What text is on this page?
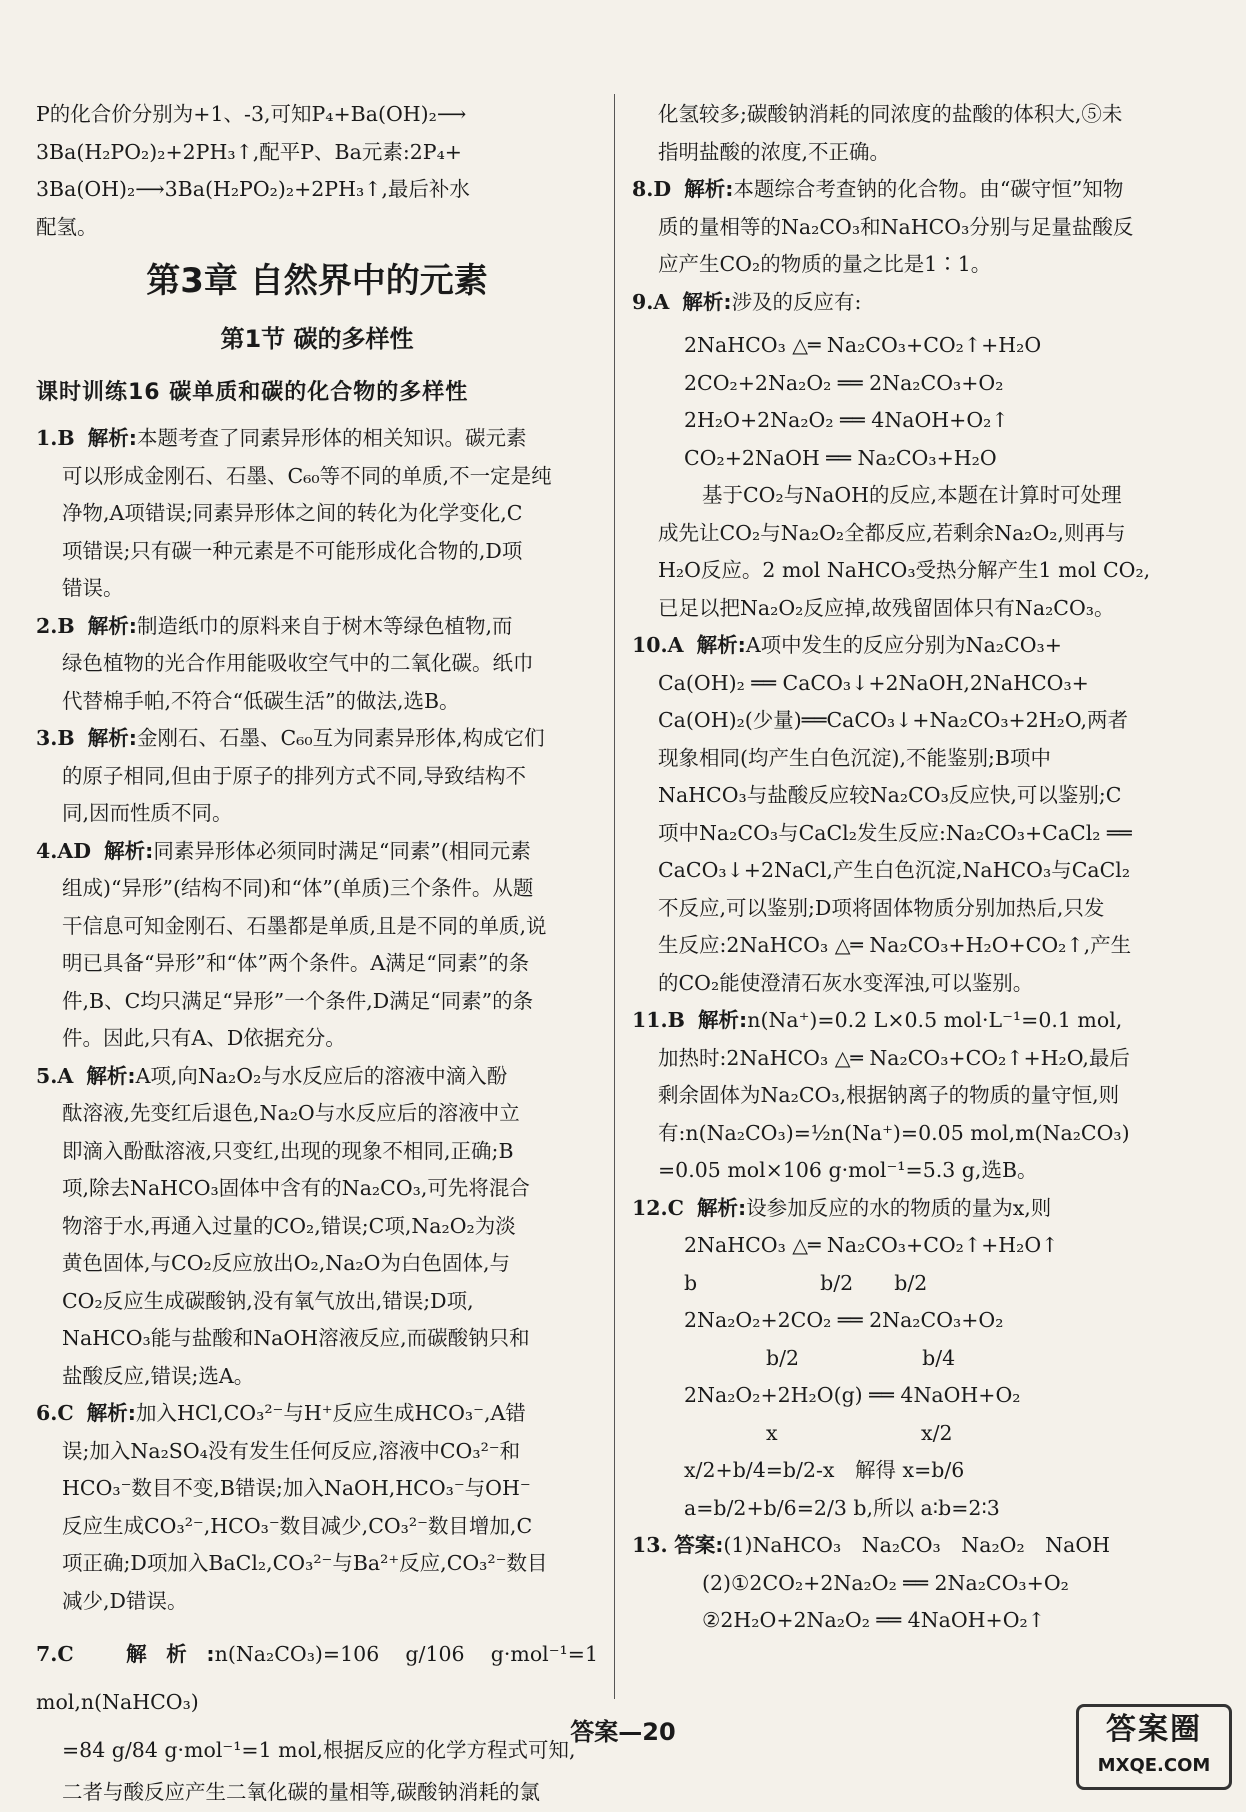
P的化合价分别为+1、-3,可知P₄+Ba(OH)₂⟶

3Ba(H₂PO₂)₂+2PH₃↑,配平P、Ba元素:2P₄+

3Ba(OH)₂⟶3Ba(H₂PO₂)₂+2PH₃↑,最后补水

配氢。

第3章 自然界中的元素
第1节 碳的多样性
课时训练16 碳单质和碳的化合物的多样性

1.B 解析:本题考查了同素异形体的相关知识。碳元素

可以形成金刚石、石墨、C₆₀等不同的单质,不一定是纯

净物,A项错误;同素异形体之间的转化为化学变化,C

项错误;只有碳一种元素是不可能形成化合物的,D项

错误。

2.B 解析:制造纸巾的原料来自于树木等绿色植物,而

绿色植物的光合作用能吸收空气中的二氧化碳。纸巾

代替棉手帕,不符合“低碳生活”的做法,选B。

3.B 解析:金刚石、石墨、C₆₀互为同素异形体,构成它们

的原子相同,但由于原子的排列方式不同,导致结构不

同,因而性质不同。

4.AD 解析:同素异形体必须同时满足“同素”(相同元素

组成)“异形”(结构不同)和“体”(单质)三个条件。从题

干信息可知金刚石、石墨都是单质,且是不同的单质,说

明已具备“异形”和“体”两个条件。A满足“同素”的条

件,B、C均只满足“异形”一个条件,D满足“同素”的条

件。因此,只有A、D依据充分。

5.A 解析:A项,向Na₂O₂与水反应后的溶液中滴入酚

酞溶液,先变红后退色,Na₂O与水反应后的溶液中立

即滴入酚酞溶液,只变红,出现的现象不相同,正确;B

项,除去NaHCO₃固体中含有的Na₂CO₃,可先将混合

物溶于水,再通入过量的CO₂,错误;C项,Na₂O₂为淡

黄色固体,与CO₂反应放出O₂,Na₂O为白色固体,与

CO₂反应生成碳酸钠,没有氧气放出,错误;D项,

NaHCO₃能与盐酸和NaOH溶液反应,而碳酸钠只和

盐酸反应,错误;选A。

6.C 解析:加入HCl,CO₃²⁻与H⁺反应生成HCO₃⁻,A错

误;加入Na₂SO₄没有发生任何反应,溶液中CO₃²⁻和

HCO₃⁻数目不变,B错误;加入NaOH,HCO₃⁻与OH⁻

反应生成CO₃²⁻,HCO₃⁻数目减少,CO₃²⁻数目增加,C

项正确;D项加入BaCl₂,CO₃²⁻与Ba²⁺反应,CO₃²⁻数目

减少,D错误。

7.C	解析:n(Na₂CO₃)=106 g/106 g·mol⁻¹=1 mol,n(NaHCO₃)

=84 g/84 g·mol⁻¹=1 mol,根据反应的化学方程式可知,

二者与酸反应产生二氧化碳的量相等,碳酸钠消耗的氯

化氢较多;碳酸钠消耗的同浓度的盐酸的体积大,⑤未

指明盐酸的浓度,不正确。

8.D 解析:本题综合考查钠的化合物。由“碳守恒”知物

质的量相等的Na₂CO₃和NaHCO₃分别与足量盐酸反

应产生CO₂的物质的量之比是1∶1。

9.A 解析:涉及的反应有:

2NaHCO₃ △═ Na₂CO₃+CO₂↑+H₂O

2CO₂+2Na₂O₂ ══ 2Na₂CO₃+O₂

2H₂O+2Na₂O₂ ══ 4NaOH+O₂↑

CO₂+2NaOH ══ Na₂CO₃+H₂O

基于CO₂与NaOH的反应,本题在计算时可处理

成先让CO₂与Na₂O₂全都反应,若剩余Na₂O₂,则再与

H₂O反应。2 mol NaHCO₃受热分解产生1 mol CO₂,

已足以把Na₂O₂反应掉,故残留固体只有Na₂CO₃。

10.A 解析:A项中发生的反应分别为Na₂CO₃+

Ca(OH)₂ ══ CaCO₃↓+2NaOH,2NaHCO₃+

Ca(OH)₂(少量)══CaCO₃↓+Na₂CO₃+2H₂O,两者

现象相同(均产生白色沉淀),不能鉴别;B项中

NaHCO₃与盐酸反应较Na₂CO₃反应快,可以鉴别;C

项中Na₂CO₃与CaCl₂发生反应:Na₂CO₃+CaCl₂ ══

CaCO₃↓+2NaCl,产生白色沉淀,NaHCO₃与CaCl₂

不反应,可以鉴别;D项将固体物质分别加热后,只发

生反应:2NaHCO₃ △═ Na₂CO₃+H₂O+CO₂↑,产生

的CO₂能使澄清石灰水变浑浊,可以鉴别。

11.B 解析:n(Na⁺)=0.2 L×0.5 mol·L⁻¹=0.1 mol,

加热时:2NaHCO₃ △═ Na₂CO₃+CO₂↑+H₂O,最后

剩余固体为Na₂CO₃,根据钠离子的物质的量守恒,则

有:n(Na₂CO₃)=½n(Na⁺)=0.05 mol,m(Na₂CO₃)

=0.05 mol×106 g·mol⁻¹=5.3 g,选B。

12.C 解析:设参加反应的水的物质的量为x,则

2NaHCO₃ △═ Na₂CO₃+CO₂↑+H₂O↑

b　　　　　　b/2　　b/2

2Na₂O₂+2CO₂ ══ 2Na₂CO₃+O₂

　　　　b/2　　　　　　b/4

2Na₂O₂+2H₂O(g) ══ 4NaOH+O₂

　　　　x　　　　　　　x/2

x/2+b/4=b/2-x　解得 x=b/6

a=b/2+b/6=2/3 b,所以 a∶b=2∶3

13. 答案:(1)NaHCO₃　Na₂CO₃　Na₂O₂　NaOH

(2)①2CO₂+2Na₂O₂ ══ 2Na₂CO₃+O₂

②2H₂O+2Na₂O₂ ══ 4NaOH+O₂↑

答案—20	答案圈
MXQE.COM
